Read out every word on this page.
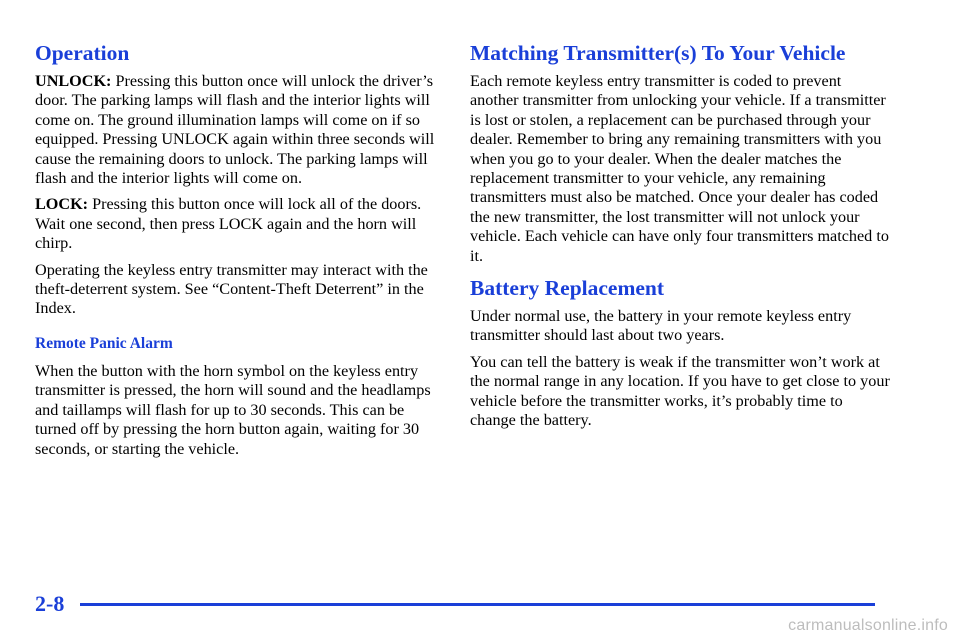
Operation

UNLOCK: Pressing this button once will unlock the driver’s door. The parking lamps will flash and the interior lights will come on. The ground illumination lamps will come on if so equipped. Pressing UNLOCK again within three seconds will cause the remaining doors to unlock. The parking lamps will flash and the interior lights will come on.

LOCK: Pressing this button once will lock all of the doors. Wait one second, then press LOCK again and the horn will chirp.

Operating the keyless entry transmitter may interact with the theft-deterrent system. See “Content-Theft Deterrent” in the Index.

Remote Panic Alarm

When the button with the horn symbol on the keyless entry transmitter is pressed, the horn will sound and the headlamps and taillamps will flash for up to 30 seconds. This can be turned off by pressing the horn button again, waiting for 30 seconds, or starting the vehicle.

Matching Transmitter(s) To Your Vehicle

Each remote keyless entry transmitter is coded to prevent another transmitter from unlocking your vehicle. If a transmitter is lost or stolen, a replacement can be purchased through your dealer. Remember to bring any remaining transmitters with you when you go to your dealer. When the dealer matches the replacement transmitter to your vehicle, any remaining transmitters must also be matched. Once your dealer has coded the new transmitter, the lost transmitter will not unlock your vehicle. Each vehicle can have only four transmitters matched to it.

Battery Replacement

Under normal use, the battery in your remote keyless entry transmitter should last about two years.

You can tell the battery is weak if the transmitter won’t work at the normal range in any location. If you have to get close to your vehicle before the transmitter works, it’s probably time to change the battery.

2-8
carmanualsonline.info
